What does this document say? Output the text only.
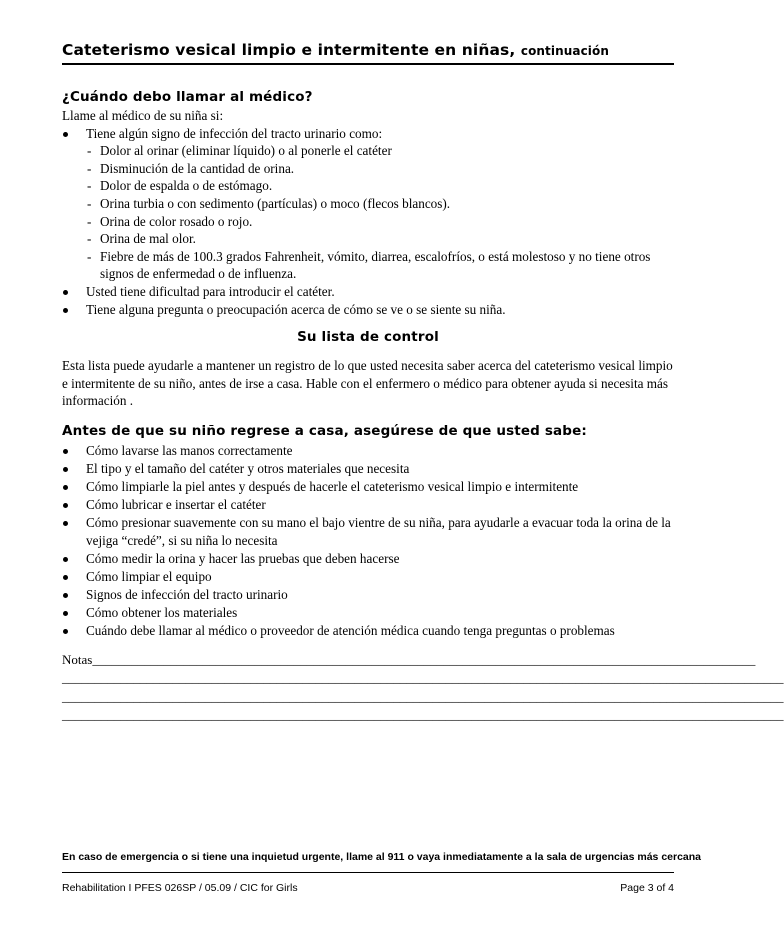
Cateterismo vesical limpio e intermitente en niñas, continuación
¿Cuándo debo llamar al médico?

Llame al médico de su niña si:

Tiene algún signo de infección del tracto urinario como:
- Dolor al orinar (eliminar líquido) o al ponerle el catéter
- Disminución de la cantidad de orina.
- Dolor de espalda o de estómago.
- Orina turbia o con sedimento (partículas) o moco (flecos blancos).
- Orina de color rosado o rojo.
- Orina de mal olor.
- Fiebre de más de 100.3 grados Fahrenheit, vómito, diarrea, escalofríos, o está molestoso y no tiene otros signos de enfermedad o de influenza.
Usted tiene dificultad para introducir el catéter.
Tiene alguna pregunta o preocupación acerca de cómo se ve o se siente su niña.
Su lista de control

Esta lista puede ayudarle a mantener un registro de lo que usted necesita saber acerca del cateterismo vesical limpio e intermitente de su niño, antes de irse a casa. Hable con el enfermero o médico para obtener ayuda si necesita más información .

Antes de que su niño regrese a casa, asegúrese de que usted sabe:
Cómo lavarse las manos correctamente
El tipo y el tamaño del catéter y otros materiales que necesita
Cómo limpiarle la piel antes y después de hacerle el cateterismo vesical limpio e intermitente
Cómo lubricar e insertar el catéter
Cómo presionar suavemente con su mano el bajo vientre de su niña, para ayudarle a evacuar toda la orina de la vejiga “credé”, si su niña lo necesita
Cómo medir la orina y hacer las pruebas que deben hacerse
Cómo limpiar el equipo
Signos de infección del tracto urinario
Cómo obtener los materiales
Cuándo debe llamar al médico o proveedor de atención médica cuando tenga preguntas o problemas
Notas______________________________________________________________________________________________________
_______________________________________________________________________________________________________________
_______________________________________________________________________________________________________________
_______________________________________________________________________________________________________________
En caso de emergencia o si tiene una inquietud urgente, llame al 911 o vaya inmediatamente a la sala de urgencias más cercana
Rehabilitation I PFES 026SP / 05.09 / CIC for Girls	Page 3 of 4
